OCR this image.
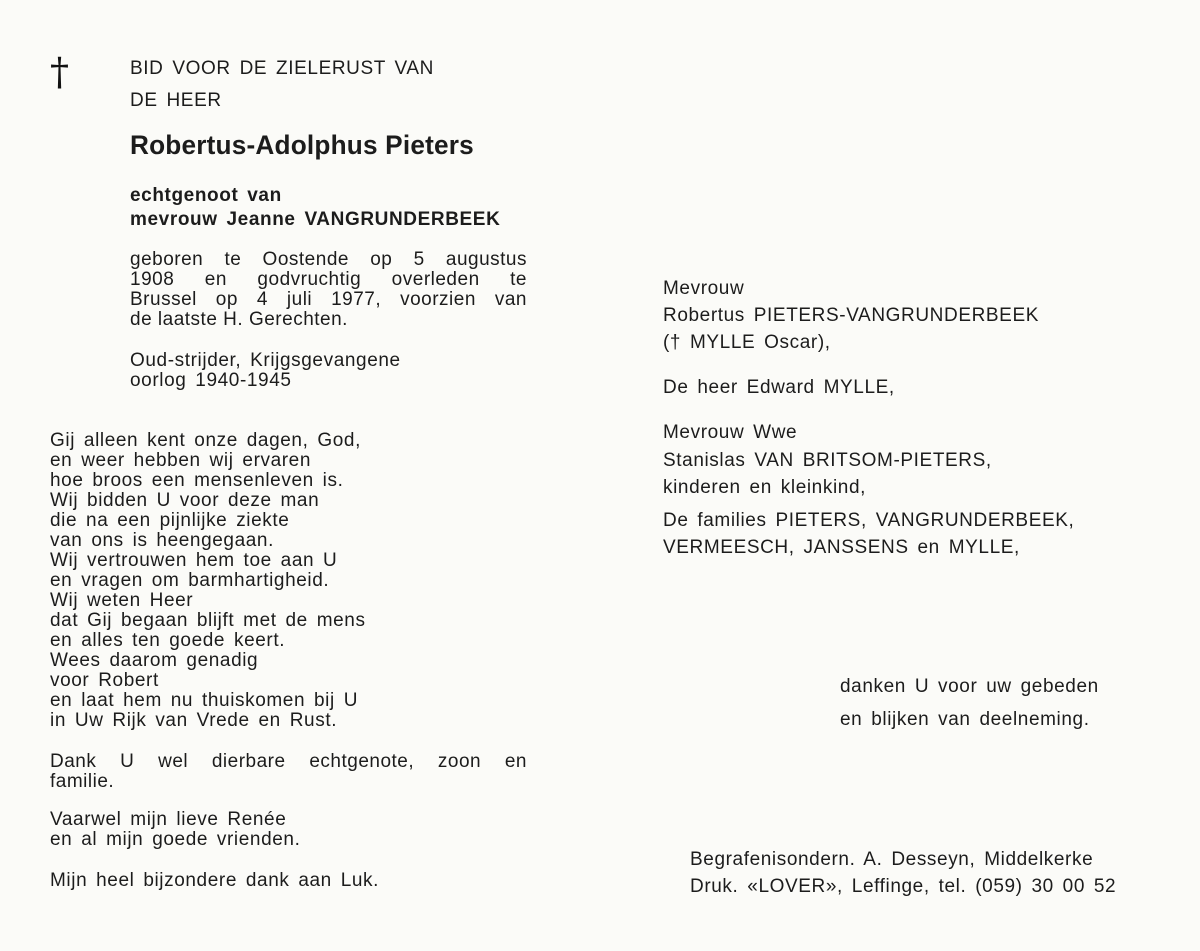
†	BID VOOR DE ZIELERUST VAN
DE HEER
Robertus-Adolphus Pieters
echtgenoot van
mevrouw Jeanne VANGRUNDERBEEK
geboren te Oostende op 5 augustus
1908 en godvruchtig overleden te
Brussel op 4 juli 1977, voorzien van
de laatste H. Gerechten.
Oud-strijder, Krijgsgevangene
oorlog 1940-1945
Gij alleen kent onze dagen, God,
en weer hebben wij ervaren
hoe broos een mensenleven is.
Wij bidden U voor deze man
die na een pijnlijke ziekte
van ons is heengegaan.
Wij vertrouwen hem toe aan U
en vragen om barmhartigheid.
Wij weten Heer
dat Gij begaan blijft met de mens
en alles ten goede keert.
Wees daarom genadig
voor Robert
en laat hem nu thuiskomen bij U
in Uw Rijk van Vrede en Rust.
Dank U wel dierbare echtgenote, zoon en
familie.
Vaarwel mijn lieve Renée
en al mijn goede vrienden.
Mijn heel bijzondere dank aan Luk.
Mevrouw
Robertus PIETERS-VANGRUNDERBEEK
(† MYLLE Oscar),
De heer Edward MYLLE,
Mevrouw Wwe
Stanislas VAN BRITSOM-PIETERS,
kinderen en kleinkind,
De families PIETERS, VANGRUNDERBEEK,
VERMEESCH, JANSSENS en MYLLE,
danken U voor uw gebeden
en blijken van deelneming.
Begrafenisondern. A. Desseyn, Middelkerke
Druk. «LOVER», Leffinge, tel. (059) 30 00 52
